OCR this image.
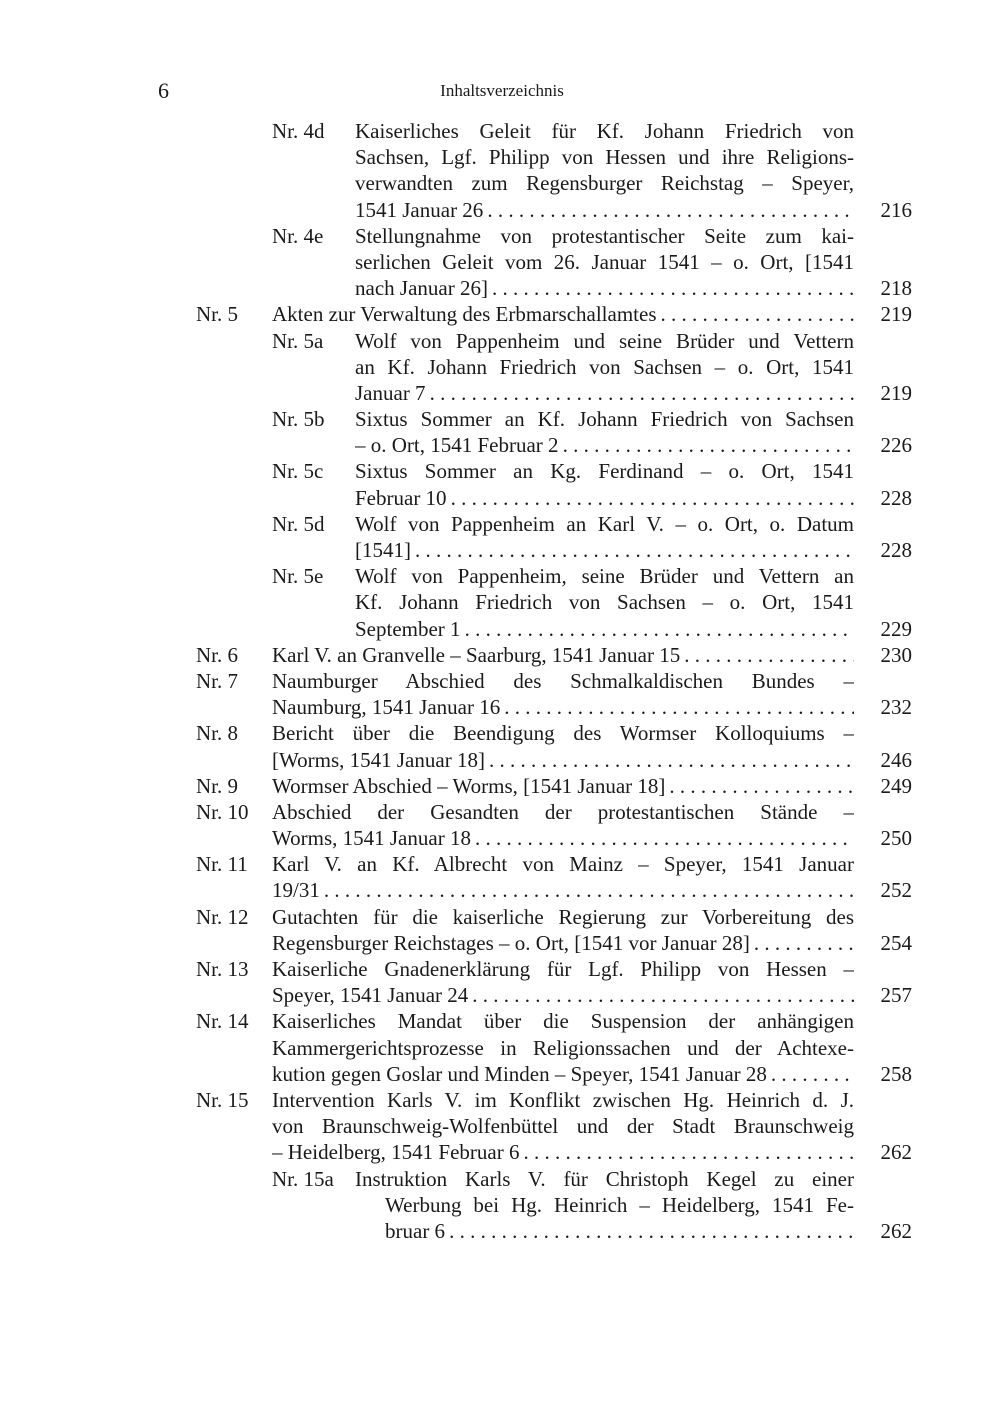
6	Inhaltsverzeichnis
Nr. 4d Kaiserliches Geleit für Kf. Johann Friedrich von
Sachsen, Lgf. Philipp von Hessen und ihre Religions-
verwandten zum Regensburger Reichstag – Speyer,
1541 Januar 26 . . .	216
Nr. 4e Stellungnahme von protestantischer Seite zum kai-
serlichen Geleit vom 26. Januar 1541 – o. Ort, [1541
nach Januar 26] . . .	218
Nr. 5 Akten zur Verwaltung des Erbmarschallamtes . . .	219
Nr. 5a Wolf von Pappenheim und seine Brüder und Vettern
an Kf. Johann Friedrich von Sachsen – o. Ort, 1541
Januar 7 . . .	219
Nr. 5b Sixtus Sommer an Kf. Johann Friedrich von Sachsen
– o. Ort, 1541 Februar 2 . . .	226
Nr. 5c Sixtus Sommer an Kg. Ferdinand – o. Ort, 1541
Februar 10 . . .	228
Nr. 5d Wolf von Pappenheim an Karl V. – o. Ort, o. Datum
[1541] . . .	228
Nr. 5e Wolf von Pappenheim, seine Brüder und Vettern an
Kf. Johann Friedrich von Sachsen – o. Ort, 1541
September 1 . . .	229
Nr. 6 Karl V. an Granvelle – Saarburg, 1541 Januar 15 . . .	230
Nr. 7 Naumburger Abschied des Schmalkaldischen Bundes –
Naumburg, 1541 Januar 16 . . .	232
Nr. 8 Bericht über die Beendigung des Wormser Kolloquiums –
[Worms, 1541 Januar 18] . . .	246
Nr. 9 Wormser Abschied – Worms, [1541 Januar 18] . . .	249
Nr. 10 Abschied der Gesandten der protestantischen Stände –
Worms, 1541 Januar 18 . . .	250
Nr. 11 Karl V. an Kf. Albrecht von Mainz – Speyer, 1541 Januar
19/31 . . .	252
Nr. 12 Gutachten für die kaiserliche Regierung zur Vorbereitung des
Regensburger Reichstages – o. Ort, [1541 vor Januar 28] . . .	254
Nr. 13 Kaiserliche Gnadenerklärung für Lgf. Philipp von Hessen –
Speyer, 1541 Januar 24 . . .	257
Nr. 14 Kaiserliches Mandat über die Suspension der anhängigen
Kammergerichtsprozesse in Religionssachen und der Achtexe-
kution gegen Goslar und Minden – Speyer, 1541 Januar 28 . . .	258
Nr. 15 Intervention Karls V. im Konflikt zwischen Hg. Heinrich d. J.
von Braunschweig-Wolfenbüttel und der Stadt Braunschweig
– Heidelberg, 1541 Februar 6 . . .	262
Nr. 15a Instruktion Karls V. für Christoph Kegel zu einer
Werbung bei Hg. Heinrich – Heidelberg, 1541 Fe-
bruar 6 . . .	262
